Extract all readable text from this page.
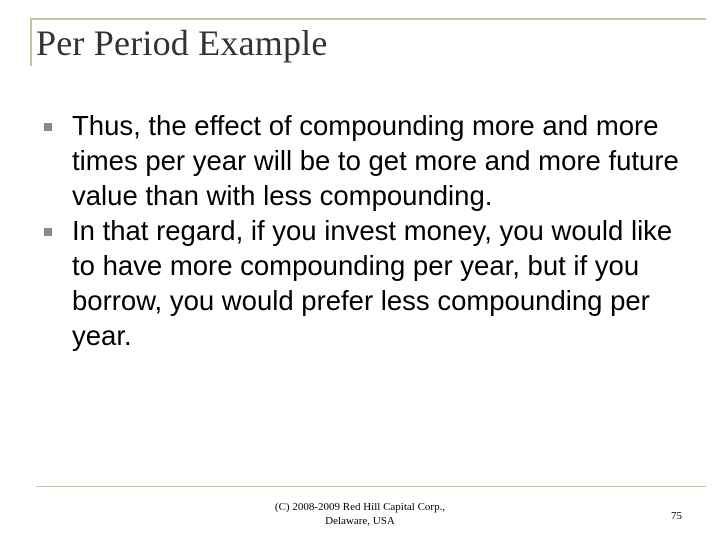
Per Period Example
Thus, the effect of compounding more and more times per year will be to get more and more future value than with less compounding.
In that regard, if you invest money, you would like to have more compounding per year, but if you borrow, you would prefer less compounding per year.
(C) 2008-2009 Red Hill Capital Corp.,
Delaware, USA	75
